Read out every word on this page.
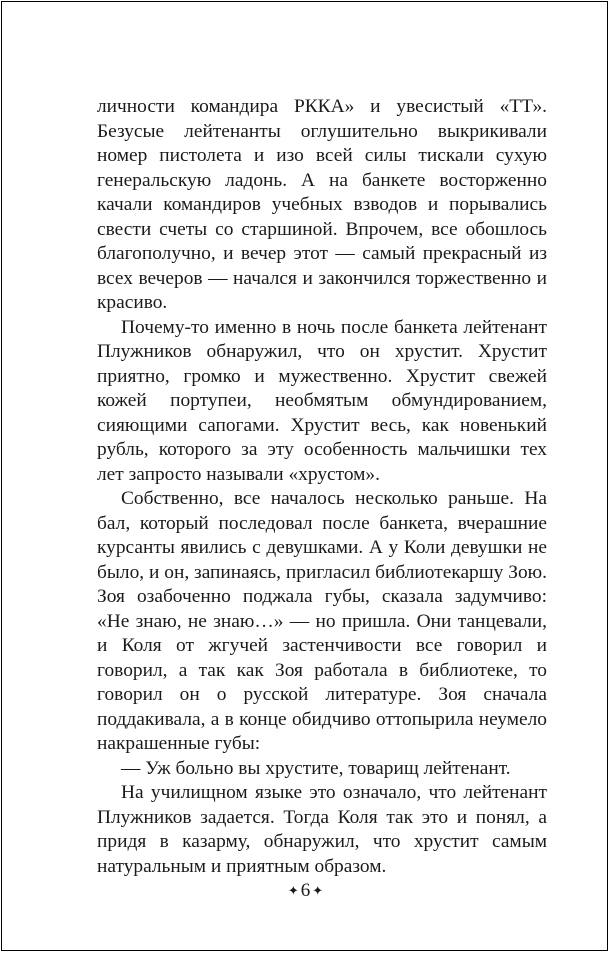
личности командира РККА» и увесистый «ТТ». Безусые лейтенанты оглушительно выкрикивали номер пистолета и изо всей силы тискали сухую генеральскую ладонь. А на банкете восторженно качали командиров учебных взводов и порывались свести счеты со старшиной. Впрочем, все обошлось благополучно, и вечер этот — самый прекрасный из всех вечеров — начался и закончился торжественно и красиво.

Почему-то именно в ночь после банкета лейтенант Плужников обнаружил, что он хрустит. Хрустит приятно, громко и мужественно. Хрустит свежей кожей портупеи, необмятым обмундированием, сияющими сапогами. Хрустит весь, как новенький рубль, которого за эту особенность мальчишки тех лет запросто называли «хрустом».

Собственно, все началось несколько раньше. На бал, который последовал после банкета, вчерашние курсанты явились с девушками. А у Коли девушки не было, и он, запинаясь, пригласил библиотекаршу Зою. Зоя озабоченно поджала губы, сказала задумчиво: «Не знаю, не знаю…» — но пришла. Они танцевали, и Коля от жгучей застенчивости все говорил и говорил, а так как Зоя работала в библиотеке, то говорил он о русской литературе. Зоя сначала поддакивала, а в конце обидчиво оттопырила неумело накрашенные губы:

— Уж больно вы хрустите, товарищ лейтенант.

На училищном языке это означало, что лейтенант Плужников задается. Тогда Коля так это и понял, а придя в казарму, обнаружил, что хрустит самым натуральным и приятным образом.

✦ 6 ✦
